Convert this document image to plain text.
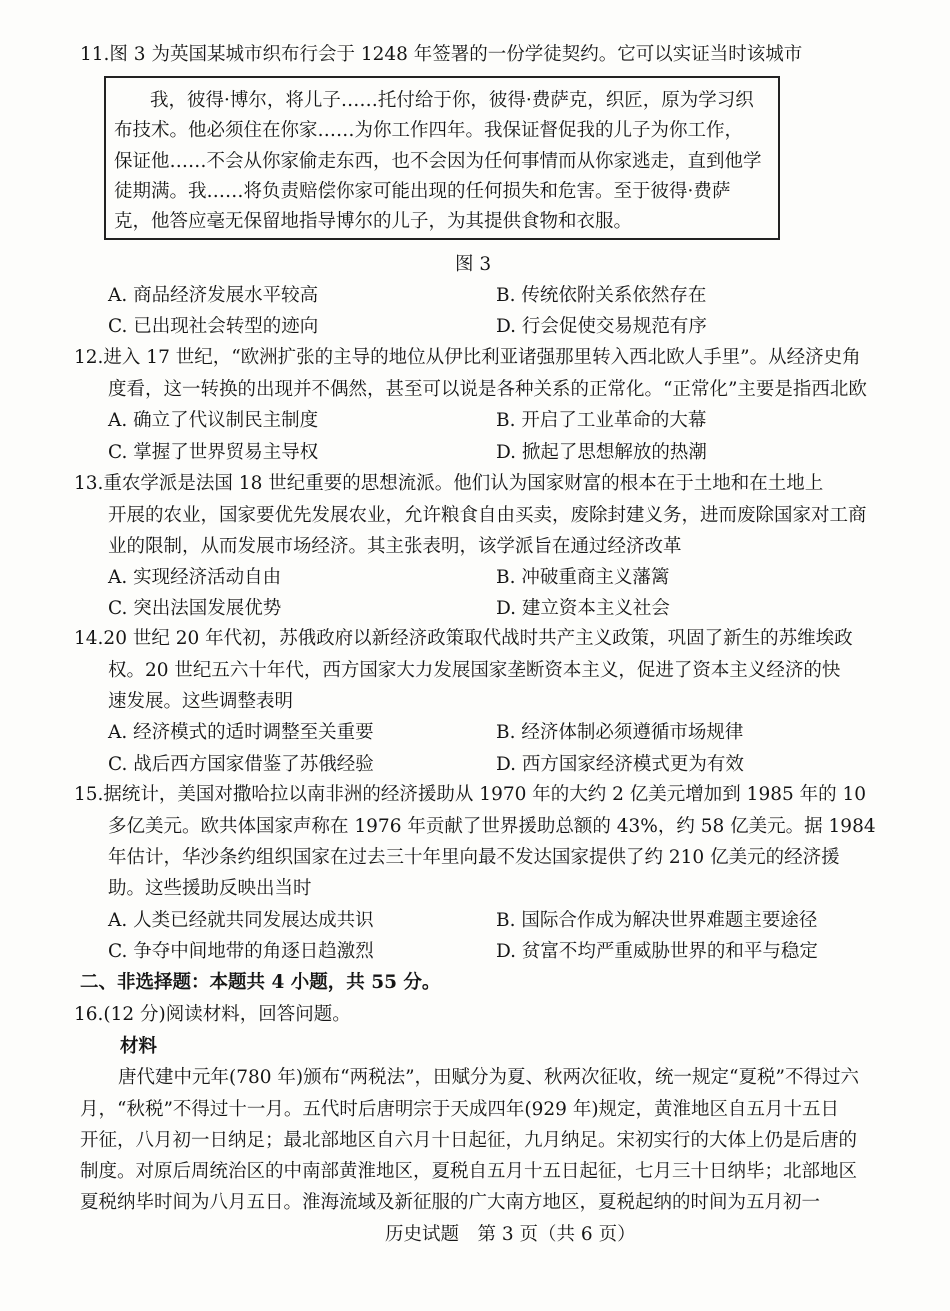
11.图 3 为英国某城市织布行会于 1248 年签署的一份学徒契约。它可以实证当时该城市
我，彼得·博尔，将儿子……托付给于你，彼得·费萨克，织匠，原为学习织
布技术。他必须住在你家……为你工作四年。我保证督促我的儿子为你工作，
保证他……不会从你家偷走东西，也不会因为任何事情而从你家逃走，直到他学
徒期满。我……将负责赔偿你家可能出现的任何损失和危害。至于彼得·费萨
克，他答应毫无保留地指导博尔的儿子，为其提供食物和衣服。
图 3
A. 商品经济发展水平较高	B. 传统依附关系依然存在
C. 已出现社会转型的迹向	D. 行会促使交易规范有序
12.进入 17 世纪，“欧洲扩张的主导的地位从伊比利亚诸强那里转入西北欧人手里”。从经济史角
度看，这一转换的出现并不偶然，甚至可以说是各种关系的正常化。“正常化”主要是指西北欧
A. 确立了代议制民主制度	B. 开启了工业革命的大幕
C. 掌握了世界贸易主导权	D. 掀起了思想解放的热潮
13.重农学派是法国 18 世纪重要的思想流派。他们认为国家财富的根本在于土地和在土地上
开展的农业，国家要优先发展农业，允许粮食自由买卖，废除封建义务，进而废除国家对工商
业的限制，从而发展市场经济。其主张表明，该学派旨在通过经济改革
A. 实现经济活动自由	B. 冲破重商主义藩篱
C. 突出法国发展优势	D. 建立资本主义社会
14.20 世纪 20 年代初，苏俄政府以新经济政策取代战时共产主义政策，巩固了新生的苏维埃政
权。20 世纪五六十年代，西方国家大力发展国家垄断资本主义，促进了资本主义经济的快
速发展。这些调整表明
A. 经济模式的适时调整至关重要	B. 经济体制必须遵循市场规律
C. 战后西方国家借鉴了苏俄经验	D. 西方国家经济模式更为有效
15.据统计，美国对撒哈拉以南非洲的经济援助从 1970 年的大约 2 亿美元增加到 1985 年的 10
多亿美元。欧共体国家声称在 1976 年贡献了世界援助总额的 43%，约 58 亿美元。据 1984
年估计，华沙条约组织国家在过去三十年里向最不发达国家提供了约 210 亿美元的经济援
助。这些援助反映出当时
A. 人类已经就共同发展达成共识	B. 国际合作成为解决世界难题主要途径
C. 争夺中间地带的角逐日趋激烈	D. 贫富不均严重威胁世界的和平与稳定
二、非选择题：本题共 4 小题，共 55 分。
16.(12 分)阅读材料，回答问题。
材料
唐代建中元年(780 年)颁布“两税法”，田赋分为夏、秋两次征收，统一规定“夏税”不得过六
月，“秋税”不得过十一月。五代时后唐明宗于天成四年(929 年)规定，黄淮地区自五月十五日
开征，八月初一日纳足；最北部地区自六月十日起征，九月纳足。宋初实行的大体上仍是后唐的
制度。对原后周统治区的中南部黄淮地区，夏税自五月十五日起征，七月三十日纳毕；北部地区
夏税纳毕时间为八月五日。淮海流域及新征服的广大南方地区，夏税起纳的时间为五月初一
历史试题　第 3 页（共 6 页）
